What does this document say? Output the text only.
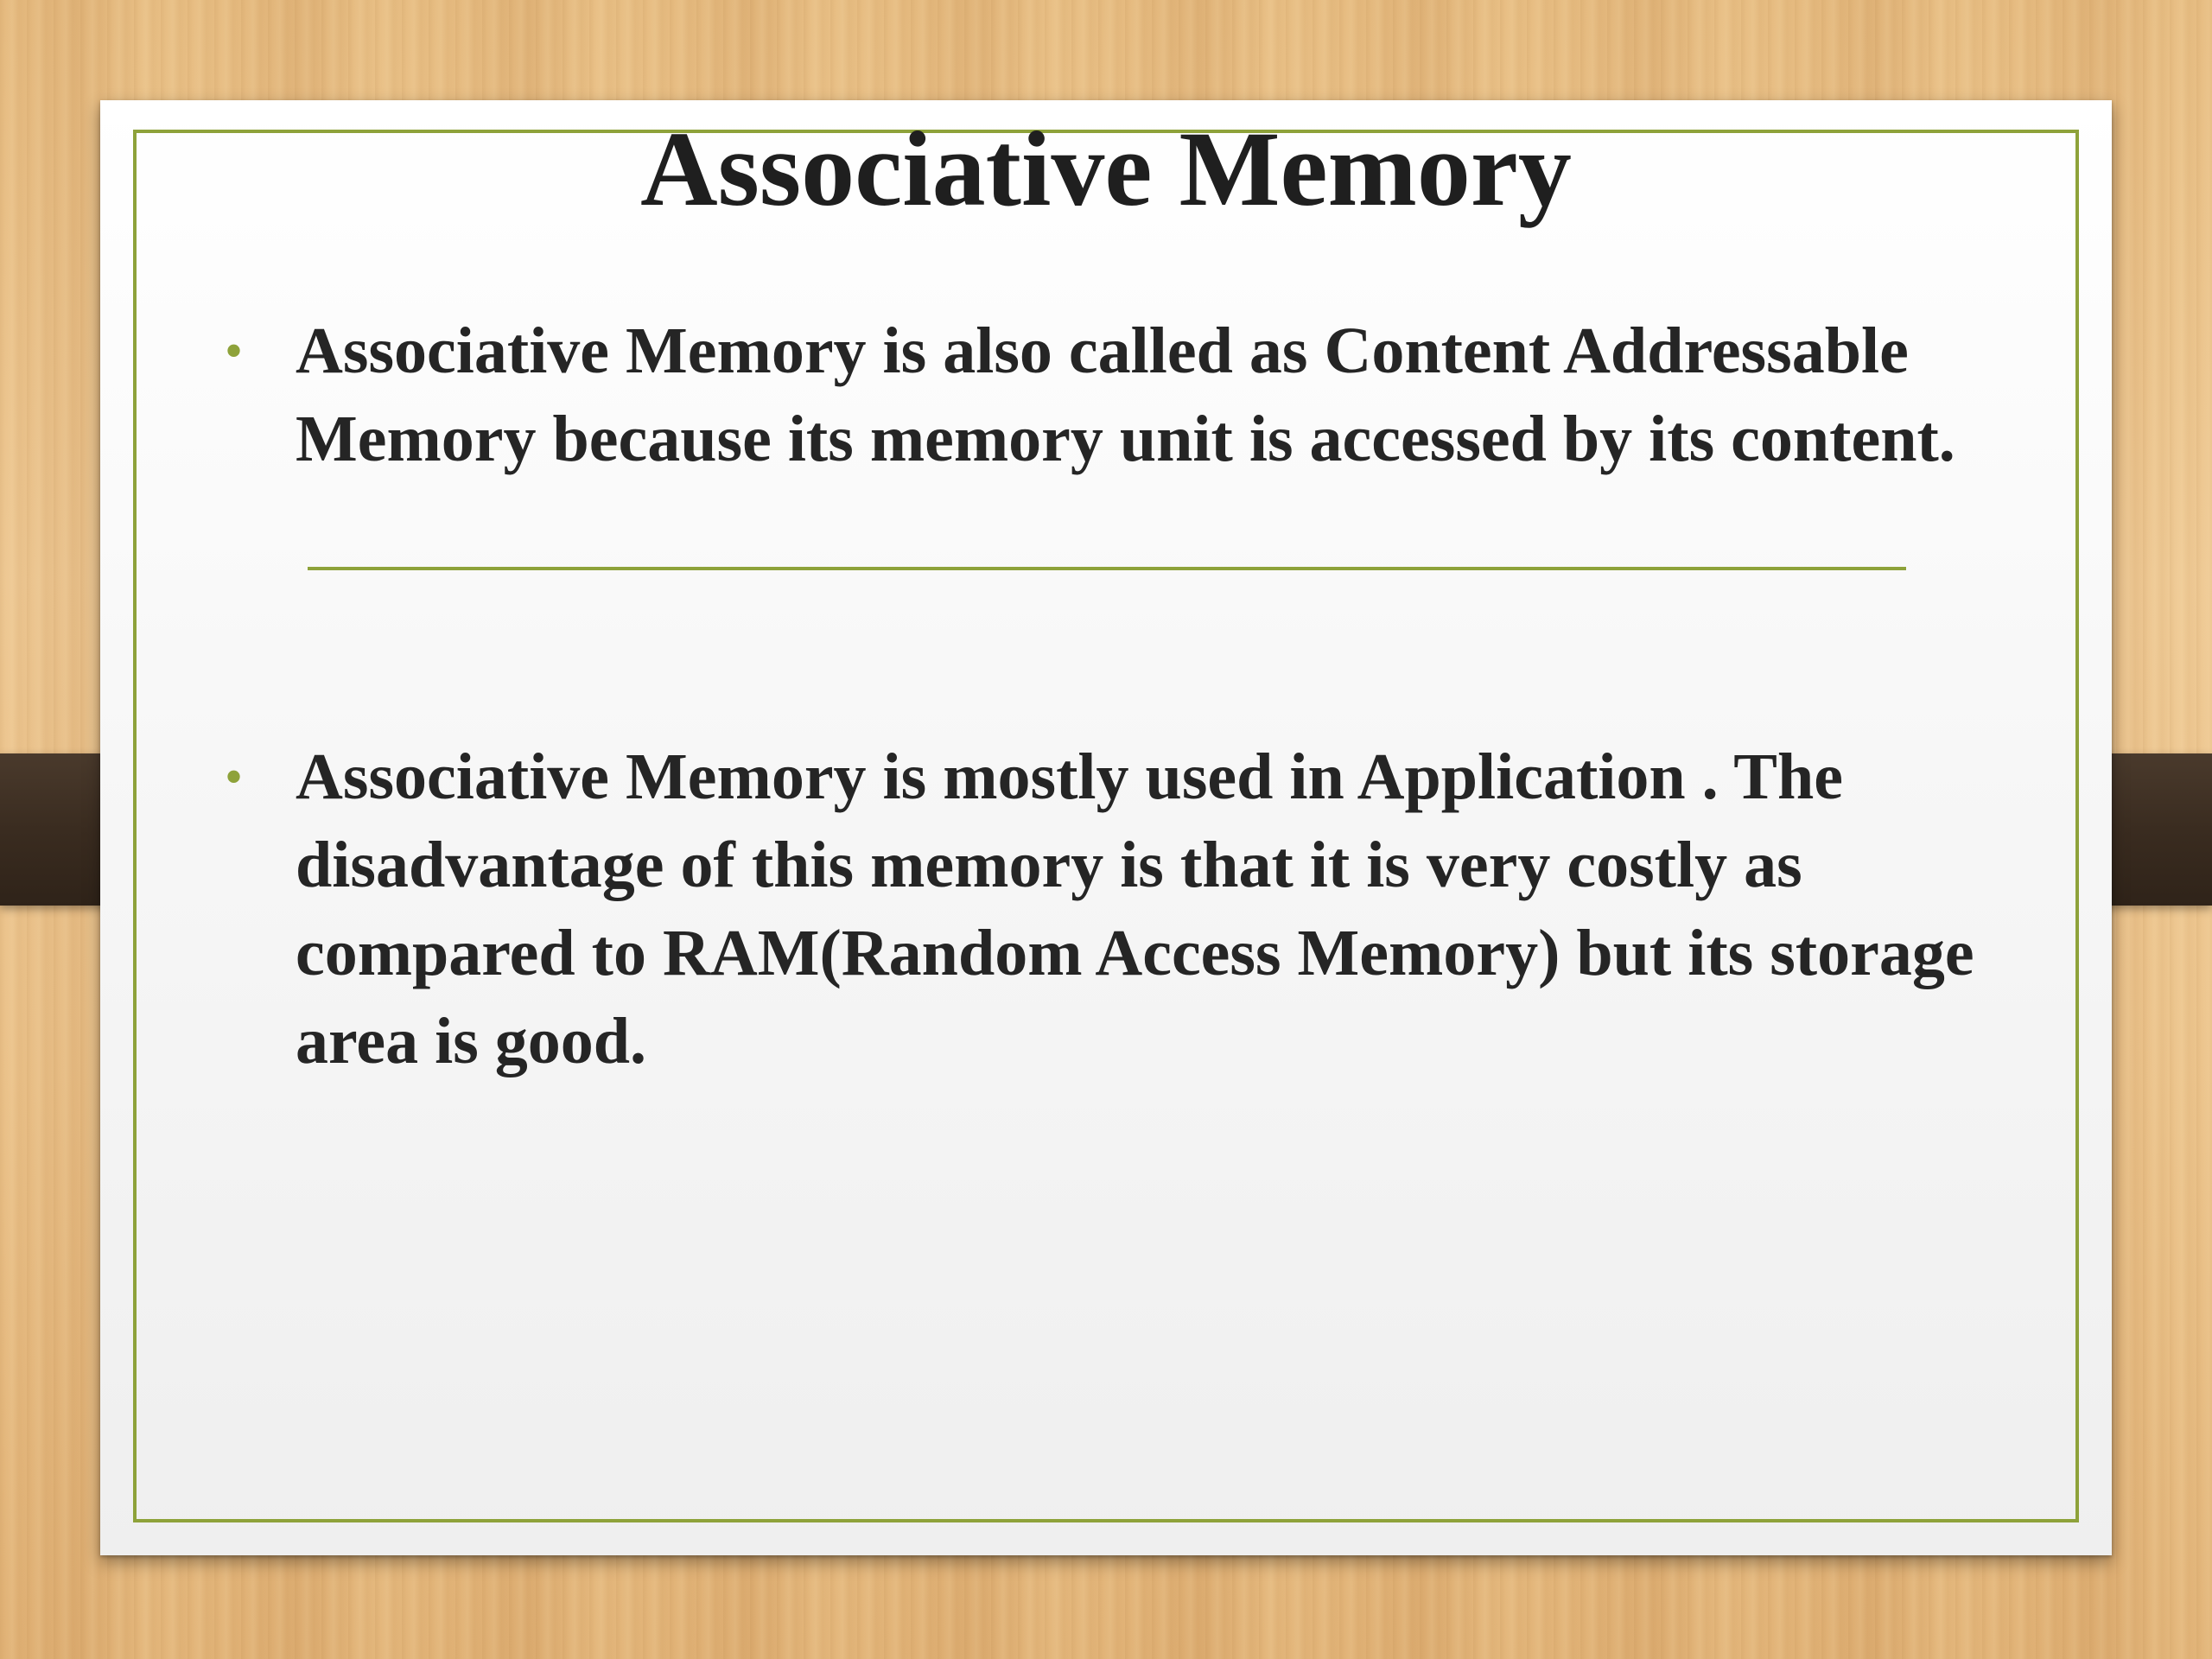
Associative Memory
• Associative Memory is also called as Content Addressable Memory because its memory unit is accessed by its content.

• Associative Memory is mostly used in Application . The disadvantage of this memory is that it is very costly as compared to RAM(Random Access Memory) but its storage area is good.
